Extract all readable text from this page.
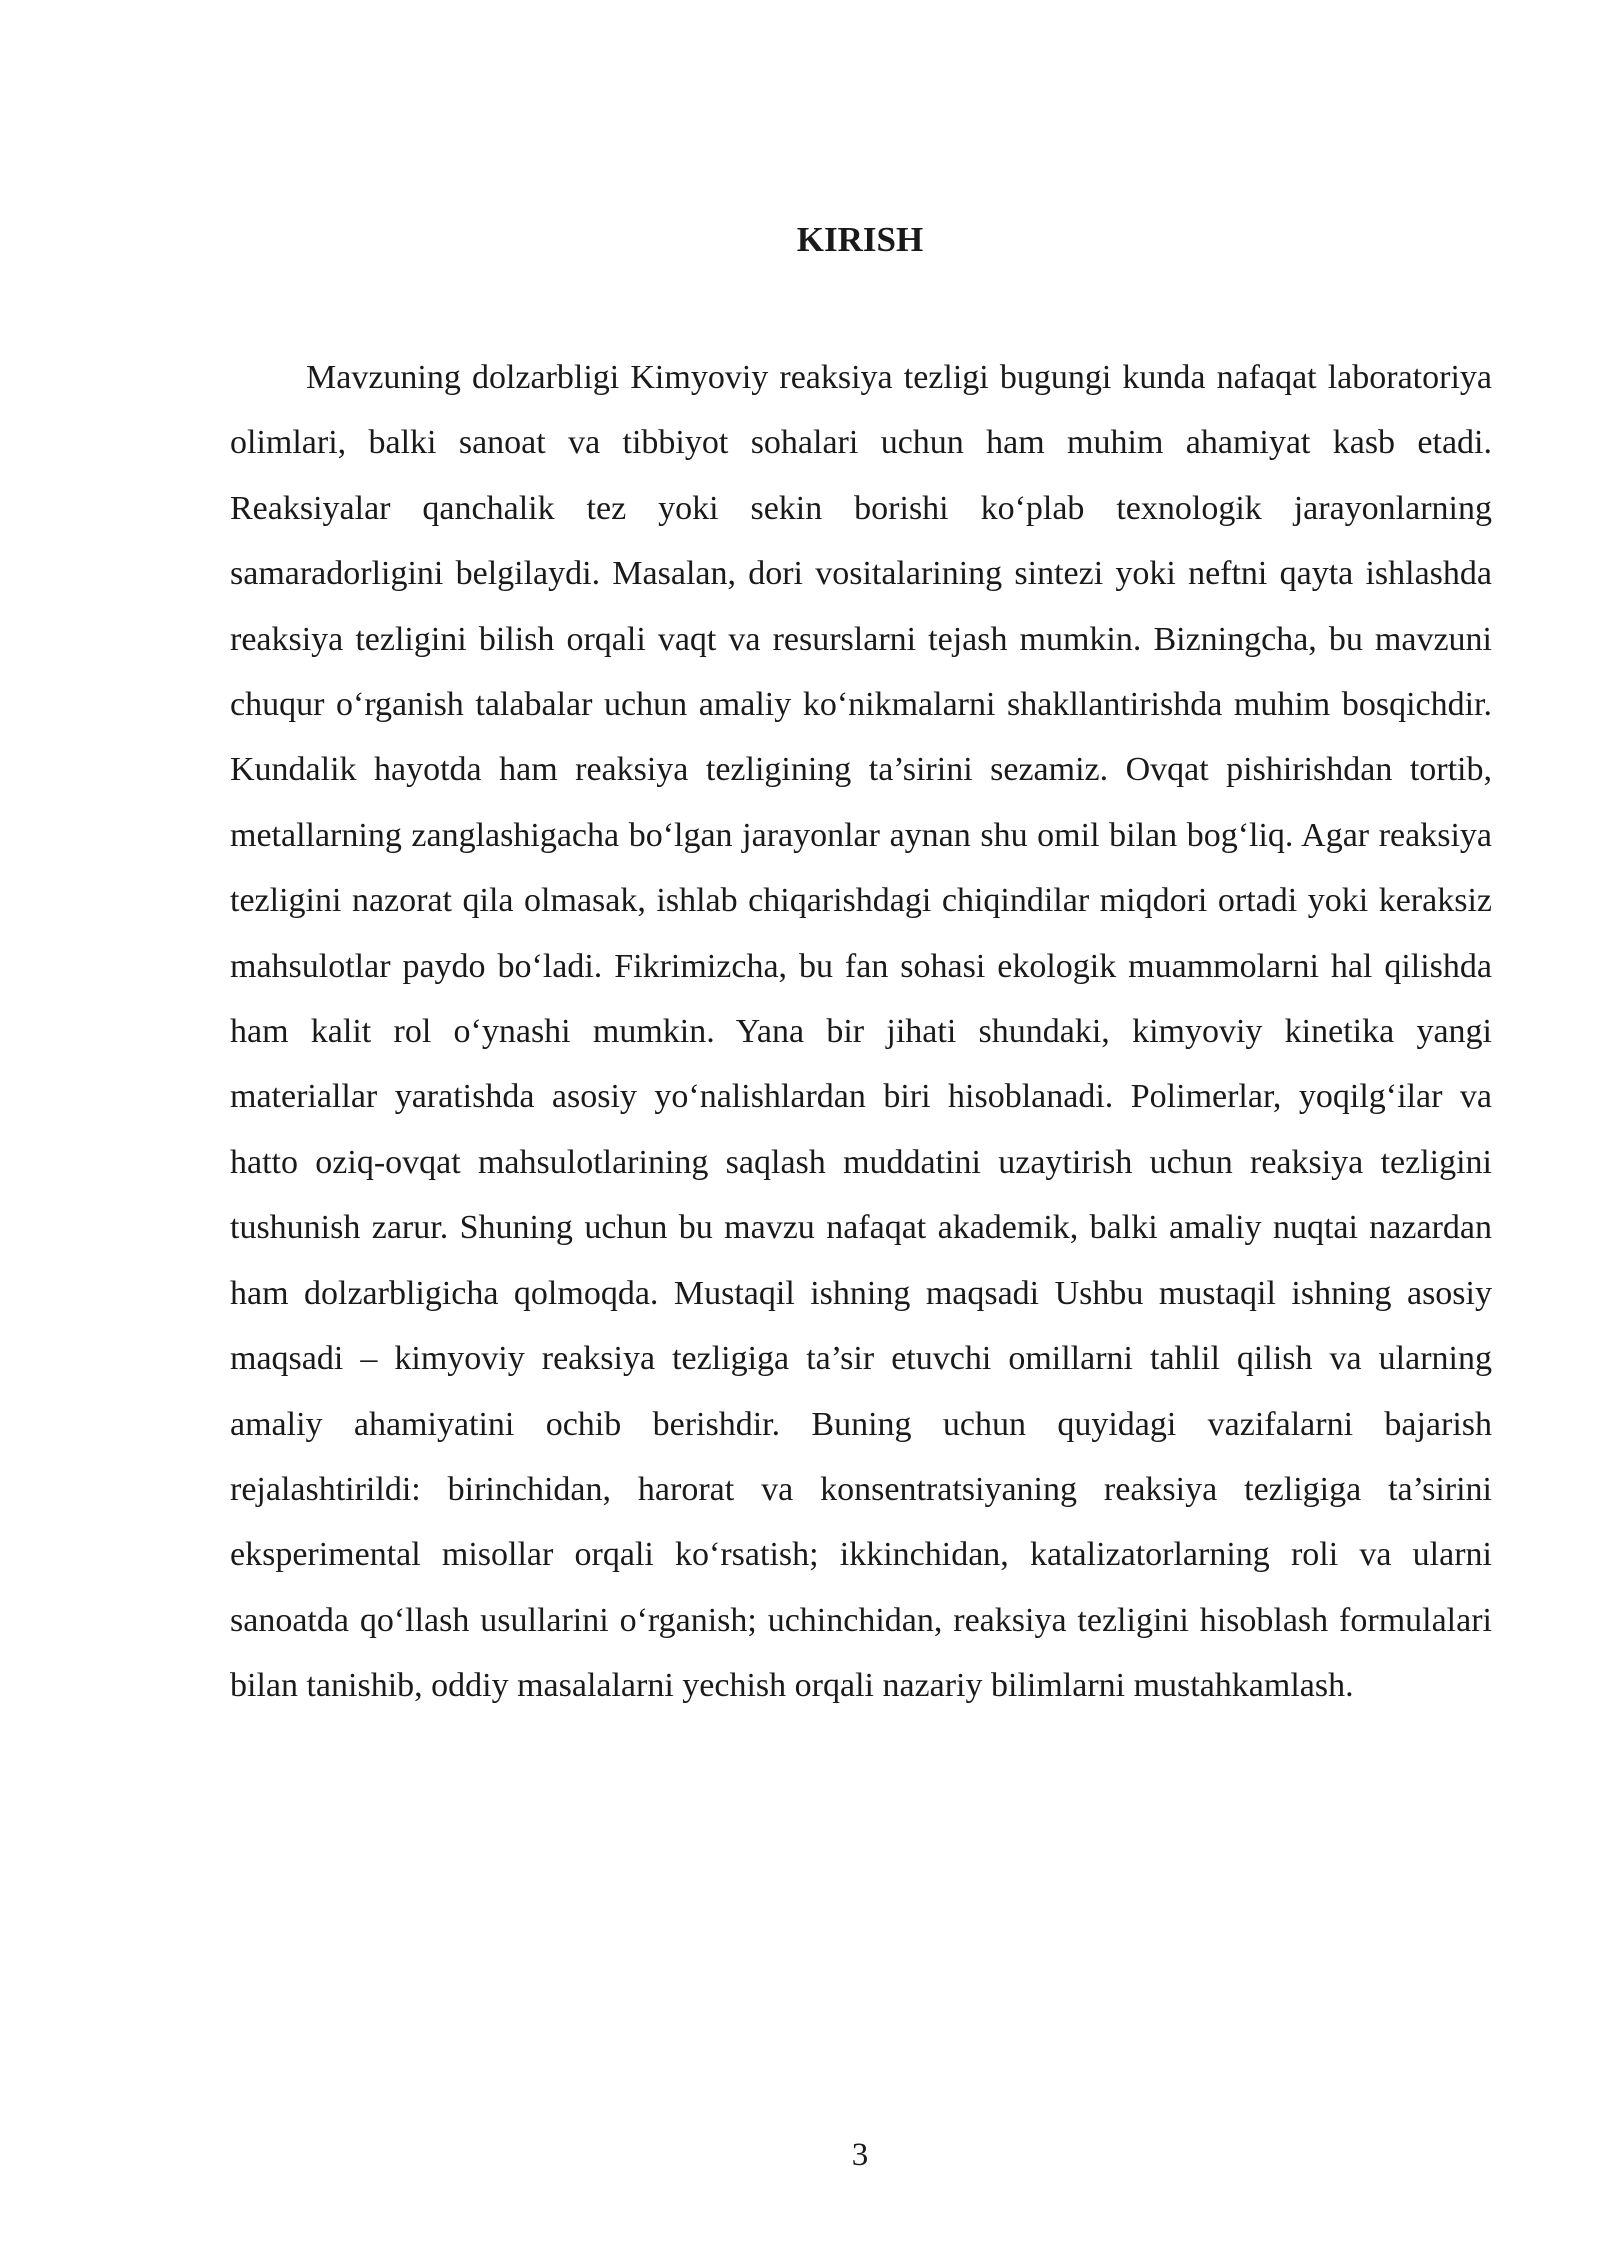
KIRISH

Mavzuning dolzarbligi Kimyoviy reaksiya tezligi bugungi kunda nafaqat laboratoriya olimlari, balki sanoat va tibbiyot sohalari uchun ham muhim ahamiyat kasb etadi. Reaksiyalar qanchalik tez yoki sekin borishi ko‘plab texnologik jarayonlarning samaradorligini belgilaydi. Masalan, dori vositalarining sintezi yoki neftni qayta ishlashda reaksiya tezligini bilish orqali vaqt va resurslarni tejash mumkin. Bizningcha, bu mavzuni chuqur o‘rganish talabalar uchun amaliy ko‘nikmalarni shakllantirishda muhim bosqichdir. Kundalik hayotda ham reaksiya tezligining ta’sirini sezamiz. Ovqat pishirishdan tortib, metallarning zanglashigacha bo‘lgan jarayonlar aynan shu omil bilan bog‘liq. Agar reaksiya tezligini nazorat qila olmasak, ishlab chiqarishdagi chiqindilar miqdori ortadi yoki keraksiz mahsulotlar paydo bo‘ladi. Fikrimizcha, bu fan sohasi ekologik muammolarni hal qilishda ham kalit rol o‘ynashi mumkin. Yana bir jihati shundaki, kimyoviy kinetika yangi materiallar yaratishda asosiy yo‘nalishlardan biri hisoblanadi. Polimerlar, yoqilg‘ilar va hatto oziq-ovqat mahsulotlarining saqlash muddatini uzaytirish uchun reaksiya tezligini tushunish zarur. Shuning uchun bu mavzu nafaqat akademik, balki amaliy nuqtai nazardan ham dolzarbligicha qolmoqda. Mustaqil ishning maqsadi Ushbu mustaqil ishning asosiy maqsadi – kimyoviy reaksiya tezligiga ta’sir etuvchi omillarni tahlil qilish va ularning amaliy ahamiyatini ochib berishdir. Buning uchun quyidagi vazifalarni bajarish rejalashtirildi: birinchidan, harorat va konsentratsiyaning reaksiya tezligiga ta’sirini eksperimental misollar orqali ko‘rsatish; ikkinchidan, katalizatorlarning roli va ularni sanoatda qo‘llash usullarini o‘rganish; uchinchidan, reaksiya tezligini hisoblash formulalari bilan tanishib, oddiy masalalarni yechish orqali nazariy bilimlarni mustahkamlash.

3
